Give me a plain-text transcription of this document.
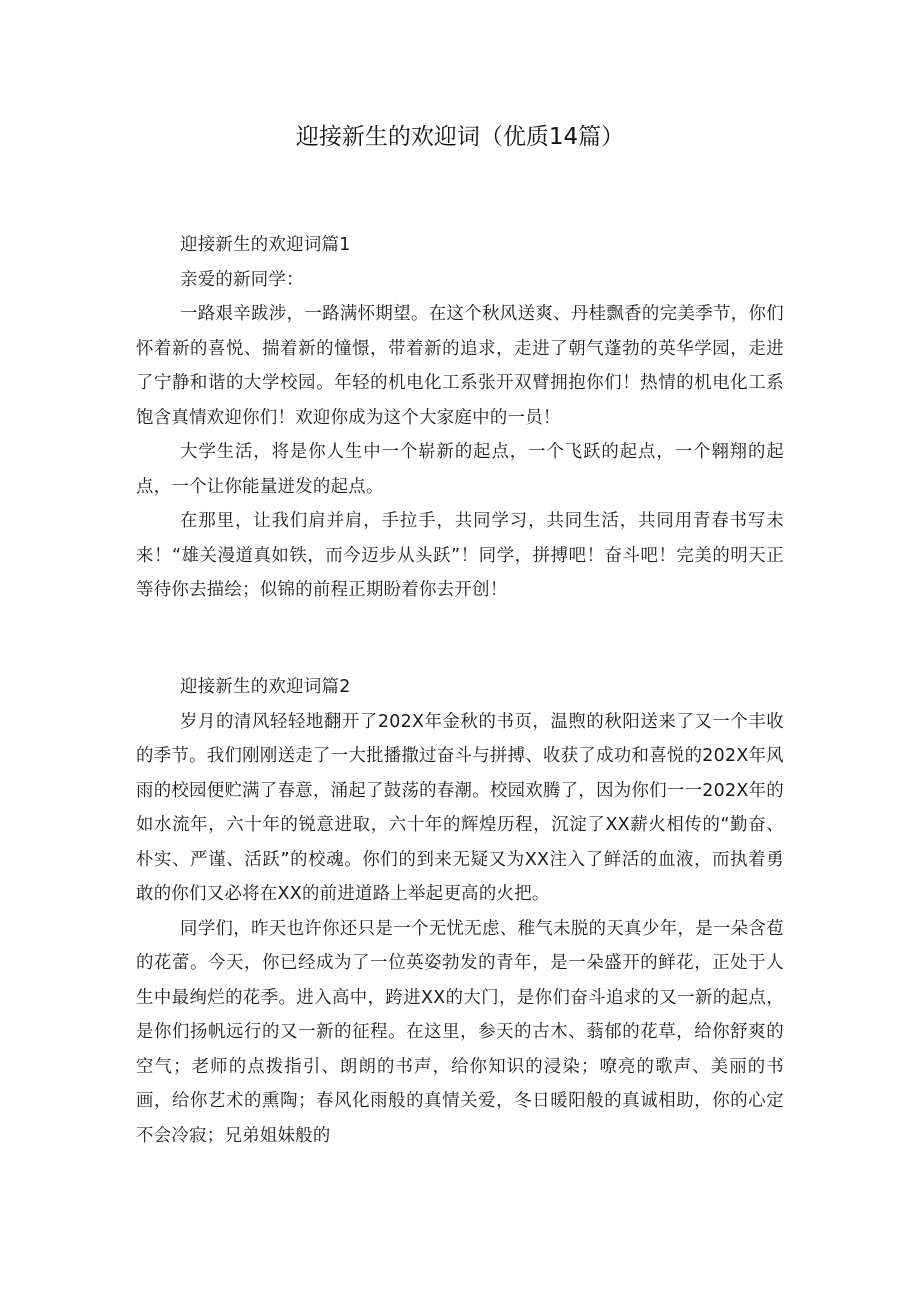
迎接新生的欢迎词（优质14篇）

迎接新生的欢迎词篇1

亲爱的新同学：

一路艰辛跋涉，一路满怀期望。在这个秋风送爽、丹桂飘香的完美季节，你们怀着新的喜悦、揣着新的憧憬，带着新的追求，走进了朝气蓬勃的英华学园，走进了宁静和谐的大学校园。年轻的机电化工系张开双臂拥抱你们！热情的机电化工系饱含真情欢迎你们！欢迎你成为这个大家庭中的一员！

大学生活，将是你人生中一个崭新的起点，一个飞跃的起点，一个翱翔的起点，一个让你能量迸发的起点。

在那里，让我们肩并肩，手拉手，共同学习，共同生活，共同用青春书写未来！“雄关漫道真如铁，而今迈步从头跃”！同学，拼搏吧！奋斗吧！完美的明天正等待你去描绘；似锦的前程正期盼着你去开创！

迎接新生的欢迎词篇2

岁月的清风轻轻地翻开了202X年金秋的书页，温煦的秋阳送来了又一个丰收的季节。我们刚刚送走了一大批播撒过奋斗与拼搏、收获了成功和喜悦的202X年风雨的校园便贮满了春意，涌起了鼓荡的春潮。校园欢腾了，因为你们一一202X年的如水流年，六十年的锐意进取，六十年的辉煌历程，沉淀了XX薪火相传的“勤奋、朴实、严谨、活跃”的校魂。你们的到来无疑又为XX注入了鲜活的血液，而执着勇敢的你们又必将在XX的前进道路上举起更高的火把。

同学们，昨天也许你还只是一个无忧无虑、稚气未脱的天真少年，是一朵含苞的花蕾。今天，你已经成为了一位英姿勃发的青年，是一朵盛开的鲜花，正处于人生中最绚烂的花季。进入高中，跨进XX的大门，是你们奋斗追求的又一新的起点，是你们扬帆远行的又一新的征程。在这里，参天的古木、蓊郁的花草，给你舒爽的空气；老师的点拨指引、朗朗的书声，给你知识的浸染；嘹亮的歌声、美丽的书画，给你艺术的熏陶；春风化雨般的真情关爱，冬日暖阳般的真诚相助，你的心定不会冷寂；兄弟姐妹般的
